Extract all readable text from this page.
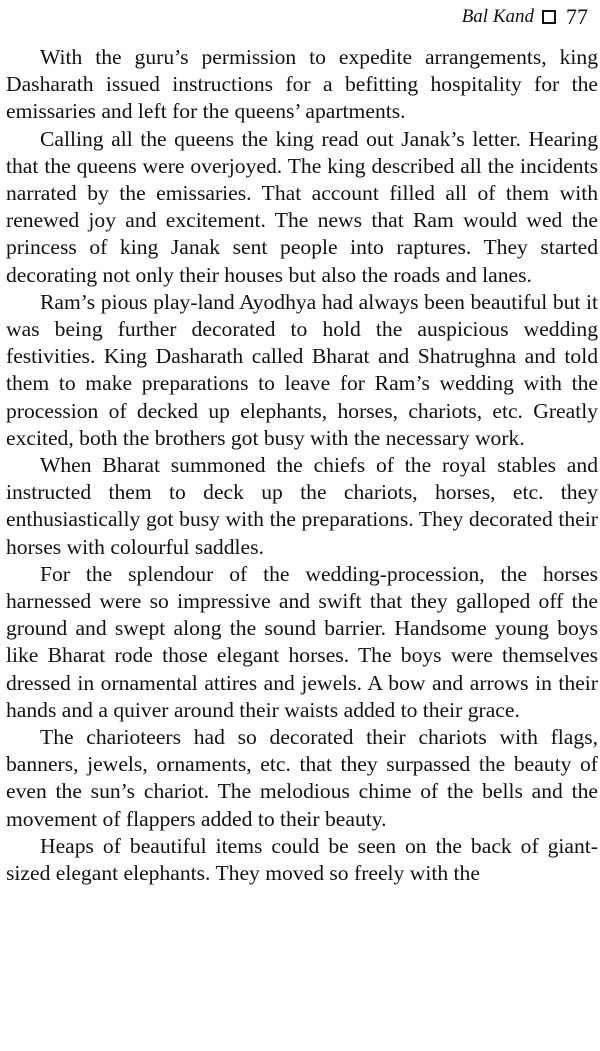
Bal Kand 77

With the guru’s permission to expedite arrangements, king Dasharath issued instructions for a befitting hospitality for the emissaries and left for the queens’ apartments.

Calling all the queens the king read out Janak’s letter. Hearing that the queens were overjoyed. The king described all the incidents narrated by the emissaries. That account filled all of them with renewed joy and excitement. The news that Ram would wed the princess of king Janak sent people into raptures. They started decorating not only their houses but also the roads and lanes.

Ram’s pious play-land Ayodhya had always been beautiful but it was being further decorated to hold the auspicious wedding festivities. King Dasharath called Bharat and Shatrughna and told them to make preparations to leave for Ram’s wedding with the procession of decked up elephants, horses, chariots, etc. Greatly excited, both the brothers got busy with the necessary work.

When Bharat summoned the chiefs of the royal stables and instructed them to deck up the chariots, horses, etc. they enthusiastically got busy with the preparations. They decorated their horses with colourful saddles.

For the splendour of the wedding-procession, the horses harnessed were so impressive and swift that they galloped off the ground and swept along the sound barrier. Handsome young boys like Bharat rode those elegant horses. The boys were themselves dressed in ornamental attires and jewels. A bow and arrows in their hands and a quiver around their waists added to their grace.

The charioteers had so decorated their chariots with flags, banners, jewels, ornaments, etc. that they surpassed the beauty of even the sun’s chariot. The melodious chime of the bells and the movement of flappers added to their beauty.

Heaps of beautiful items could be seen on the back of giant-sized elegant elephants. They moved so freely with the
